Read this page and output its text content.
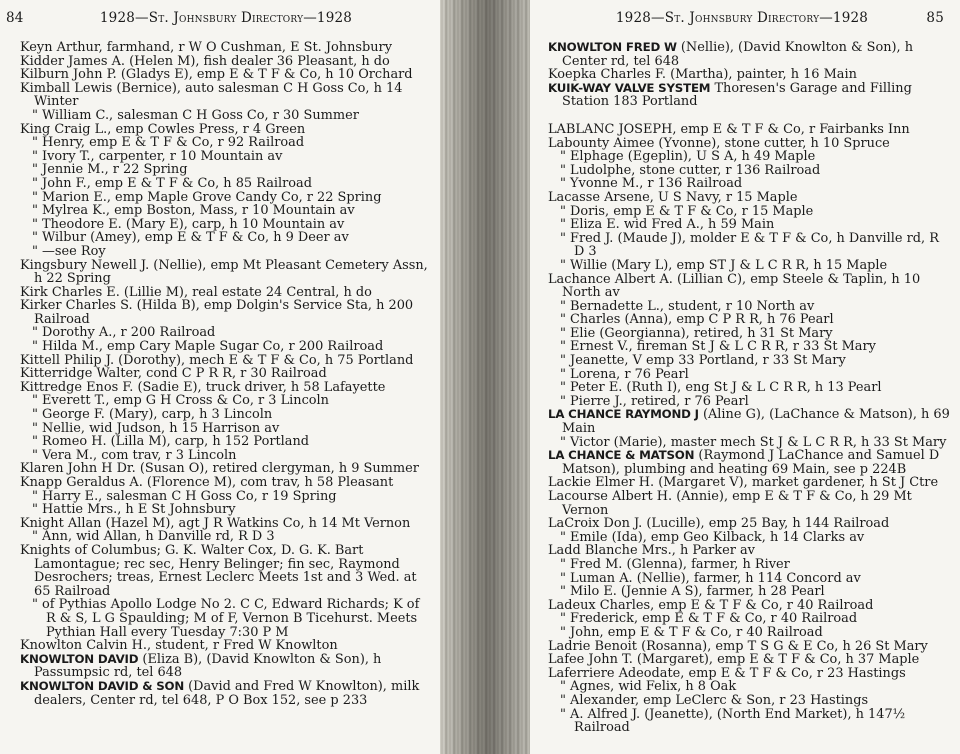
84	1928—St. Johnsbury Directory—1928
Keyn Arthur, farmhand, r W O Cushman, E St. Johnsbury
Kidder James A. (Helen M), fish dealer 36 Pleasant, h do
Kilburn John P. (Gladys E), emp E & T F & Co, h 10 Orchard
Kimball Lewis (Bernice), auto salesman C H Goss Co, h 14 Winter
" William C., salesman C H Goss Co, r 30 Summer
King Craig L., emp Cowles Press, r 4 Green
" Henry, emp E & T F & Co, r 92 Railroad
" Ivory T., carpenter, r 10 Mountain av
" Jennie M., r 22 Spring
" John F., emp E & T F & Co, h 85 Railroad
" Marion E., emp Maple Grove Candy Co, r 22 Spring
" Mylrea K., emp Boston, Mass, r 10 Mountain av
" Theodore E. (Mary E), carp, h 10 Mountain av
" Wilbur (Amey), emp E & T F & Co, h 9 Deer av
" —see Roy
Kingsbury Newell J. (Nellie), emp Mt Pleasant Cemetery Assn, h 22 Spring
Kirk Charles E. (Lillie M), real estate 24 Central, h do
Kirker Charles S. (Hilda B), emp Dolgin's Service Sta, h 200 Railroad
" Dorothy A., r 200 Railroad
" Hilda M., emp Cary Maple Sugar Co, r 200 Railroad
Kittell Philip J. (Dorothy), mech E & T F & Co, h 75 Portland
Kitterridge Walter, cond C P R R, r 30 Railroad
Kittredge Enos F. (Sadie E), truck driver, h 58 Lafayette
" Everett T., emp G H Cross & Co, r 3 Lincoln
" George F. (Mary), carp, h 3 Lincoln
" Nellie, wid Judson, h 15 Harrison av
" Romeo H. (Lilla M), carp, h 152 Portland
" Vera M., com trav, r 3 Lincoln
Klaren John H Dr. (Susan O), retired clergyman, h 9 Summer
Knapp Geraldus A. (Florence M), com trav, h 58 Pleasant
" Harry E., salesman C H Goss Co, r 19 Spring
" Hattie Mrs., h E St Johnsbury
Knight Allan (Hazel M), agt J R Watkins Co, h 14 Mt Vernon
" Ann, wid Allan, h Danville rd, R D 3
Knights of Columbus; G. K. Walter Cox, D. G. K. Bart Lamontague; rec sec, Henry Belinger; fin sec, Raymond Desrochers; treas, Ernest Leclerc Meets 1st and 3 Wed. at 65 Railroad
" of Pythias Apollo Lodge No 2. C C, Edward Richards; K of R & S, L G Spaulding; M of F, Vernon B Ticehurst. Meets Pythian Hall every Tuesday 7:30 P M
Knowlton Calvin H., student, r Fred W Knowlton
KNOWLTON DAVID (Eliza B), (David Knowlton & Son), h Passumpsic rd, tel 648
KNOWLTON DAVID & SON (David and Fred W Knowlton), milk dealers, Center rd, tel 648, P O Box 152, see p 233
1928—St. Johnsbury Directory—1928	85
KNOWLTON FRED W (Nellie), (David Knowlton & Son), h Center rd, tel 648
Koepka Charles F. (Martha), painter, h 16 Main
KUIK-WAY VALVE SYSTEM Thoresen's Garage and Filling Station 183 Portland
LABLANC JOSEPH, emp E & T F & Co, r Fairbanks Inn
Labounty Aimee (Yvonne), stone cutter, h 10 Spruce
" Elphage (Egeplin), U S A, h 49 Maple
" Ludolphe, stone cutter, r 136 Railroad
" Yvonne M., r 136 Railroad
Lacasse Arsene, U S Navy, r 15 Maple
" Doris, emp E & T F & Co, r 15 Maple
" Eliza E. wid Fred A., h 59 Main
" Fred J. (Maude J), molder E & T F & Co, h Danville rd, R D 3
" Willie (Mary L), emp ST J & L C R R, h 15 Maple
Lachance Albert A. (Lillian C), emp Steele & Taplin, h 10 North av
" Bernadette L., student, r 10 North av
" Charles (Anna), emp C P R R, h 76 Pearl
" Elie (Georgianna), retired, h 31 St Mary
" Ernest V., fireman St J & L C R R, r 33 St Mary
" Jeanette, V emp 33 Portland, r 33 St Mary
" Lorena, r 76 Pearl
" Peter E. (Ruth I), eng St J & L C R R, h 13 Pearl
" Pierre J., retired, r 76 Pearl
LA CHANCE RAYMOND J (Aline G), (LaChance & Matson), h 69 Main
" Victor (Marie), master mech St J & L C R R, h 33 St Mary
LA CHANCE & MATSON (Raymond J LaChance and Samuel D Matson), plumbing and heating 69 Main, see p 224B
Lackie Elmer H. (Margaret V), market gardener, h St J Ctre
Lacourse Albert H. (Annie), emp E & T F & Co, h 29 Mt Vernon
LaCroix Don J. (Lucille), emp 25 Bay, h 144 Railroad
" Emile (Ida), emp Geo Kilback, h 14 Clarks av
Ladd Blanche Mrs., h Parker av
" Fred M. (Glenna), farmer, h River
" Luman A. (Nellie), farmer, h 114 Concord av
" Milo E. (Jennie A S), farmer, h 28 Pearl
Ladeux Charles, emp E & T F & Co, r 40 Railroad
" Frederick, emp E & T F & Co, r 40 Railroad
" John, emp E & T F & Co, r 40 Railroad
Ladrie Benoit (Rosanna), emp T S G & E Co, h 26 St Mary
Lafee John T. (Margaret), emp E & T F & Co, h 37 Maple
Laferriere Adeodate, emp E & T F & Co, r 23 Hastings
" Agnes, wid Felix, h 8 Oak
" Alexander, emp LeClerc & Son, r 23 Hastings
" A. Alfred J. (Jeanette), (North End Market), h 147½ Railroad
